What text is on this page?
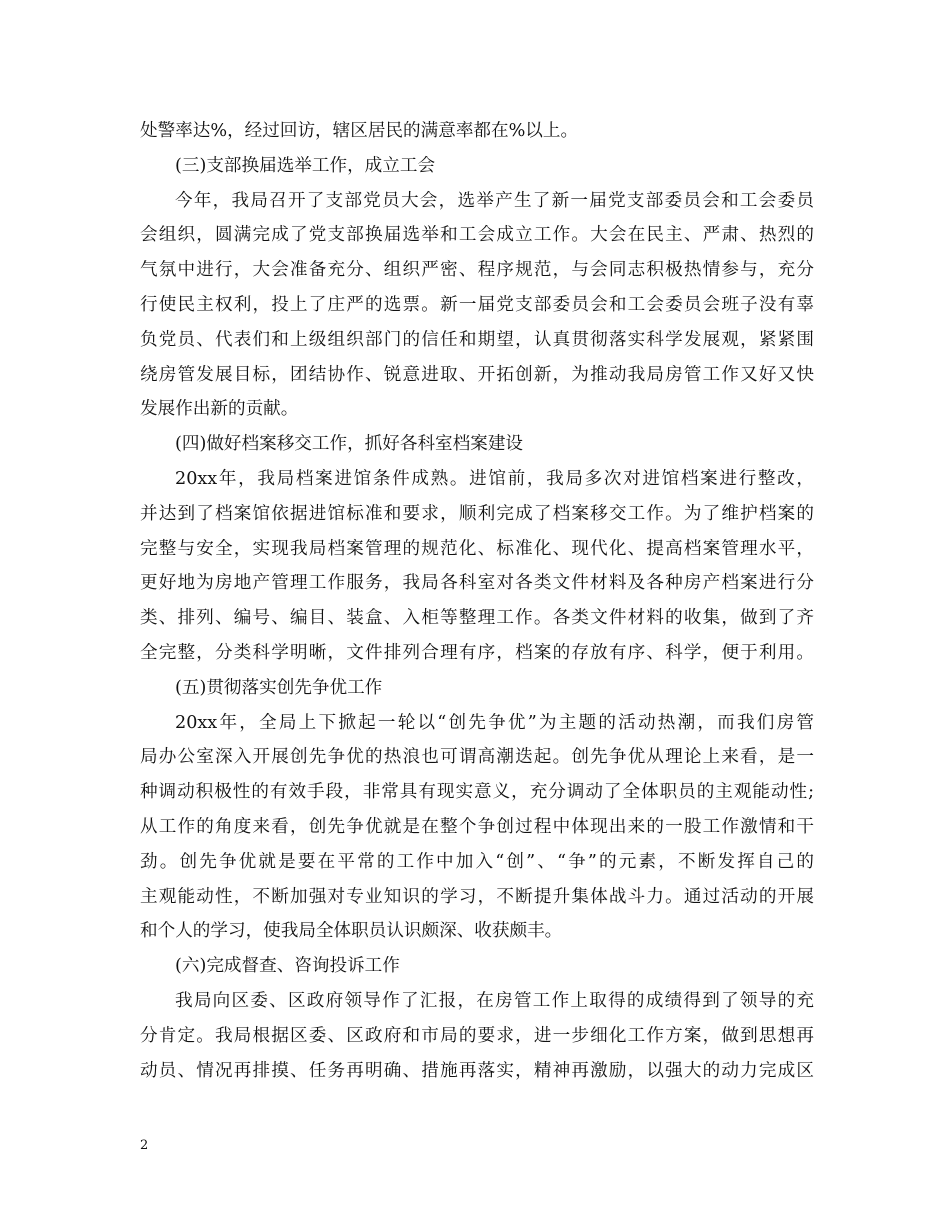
处警率达%，经过回访，辖区居民的满意率都在%以上。
(三)支部换届选举工作，成立工会
今年，我局召开了支部党员大会，选举产生了新一届党支部委员会和工会委员
会组织，圆满完成了党支部换届选举和工会成立工作。大会在民主、严肃、热烈的
气氛中进行，大会准备充分、组织严密、程序规范，与会同志积极热情参与，充分
行使民主权利，投上了庄严的选票。新一届党支部委员会和工会委员会班子没有辜
负党员、代表们和上级组织部门的信任和期望，认真贯彻落实科学发展观，紧紧围
绕房管发展目标，团结协作、锐意进取、开拓创新，为推动我局房管工作又好又快
发展作出新的贡献。
(四)做好档案移交工作，抓好各科室档案建设
20xx年，我局档案进馆条件成熟。进馆前，我局多次对进馆档案进行整改，
并达到了档案馆依据进馆标准和要求，顺利完成了档案移交工作。为了维护档案的
完整与安全，实现我局档案管理的规范化、标准化、现代化、提高档案管理水平，
更好地为房地产管理工作服务，我局各科室对各类文件材料及各种房产档案进行分
类、排列、编号、编目、装盒、入柜等整理工作。各类文件材料的收集，做到了齐
全完整，分类科学明晰，文件排列合理有序，档案的存放有序、科学，便于利用。
(五)贯彻落实创先争优工作
20xx年，全局上下掀起一轮以“创先争优”为主题的活动热潮，而我们房管
局办公室深入开展创先争优的热浪也可谓高潮迭起。创先争优从理论上来看，是一
种调动积极性的有效手段，非常具有现实意义，充分调动了全体职员的主观能动性;
从工作的角度来看，创先争优就是在整个争创过程中体现出来的一股工作激情和干
劲。创先争优就是要在平常的工作中加入“创”、“争”的元素，不断发挥自己的
主观能动性，不断加强对专业知识的学习，不断提升集体战斗力。通过活动的开展
和个人的学习，使我局全体职员认识颇深、收获颇丰。
(六)完成督查、咨询投诉工作
我局向区委、区政府领导作了汇报，在房管工作上取得的成绩得到了领导的充
分肯定。我局根据区委、区政府和市局的要求，进一步细化工作方案，做到思想再
动员、情况再排摸、任务再明确、措施再落实，精神再激励，以强大的动力完成区
2
